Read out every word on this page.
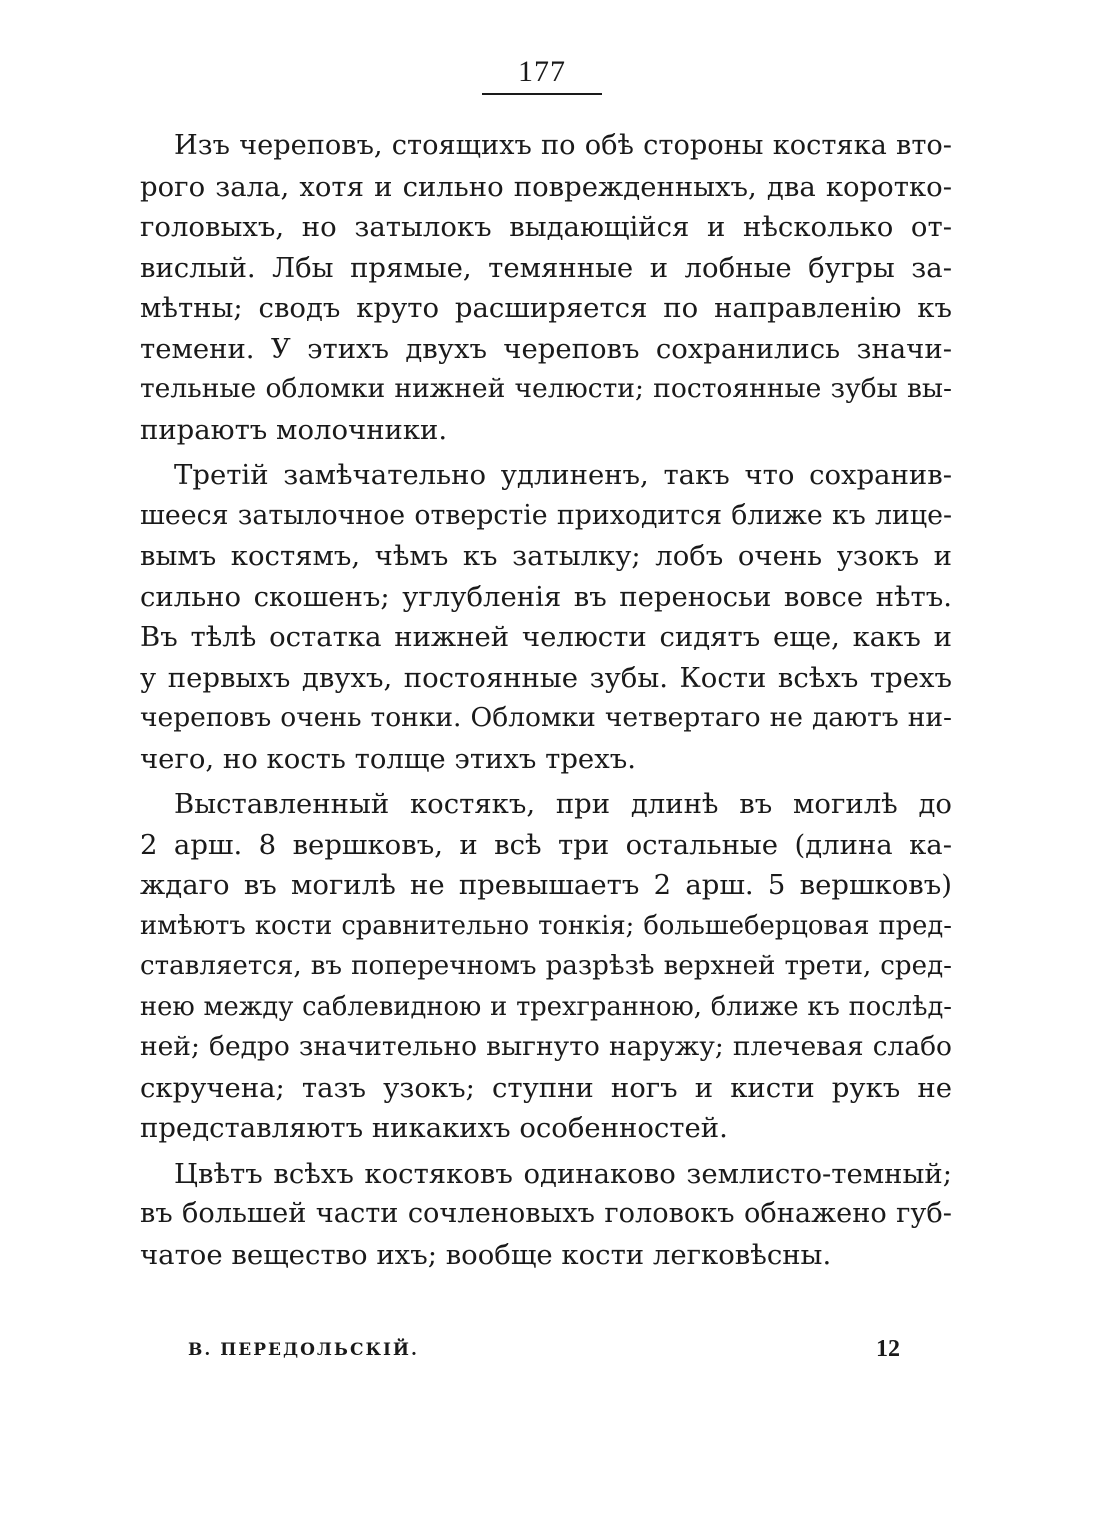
177
Изъ череповъ, стоящихъ по обѣ стороны костяка вто-
рого зала, хотя и сильно поврежденныхъ, два коротко-
головыхъ, но затылокъ выдающійся и нѣсколько от-
вислый. Лбы прямые, темянные и лобные бугры за-
мѣтны; сводъ круто расширяется по направленію къ
темени. У этихъ двухъ череповъ сохранились значи-
тельные обломки нижней челюсти; постоянные зубы вы-
пираютъ молочники.
Третій замѣчательно удлиненъ, такъ что сохранив-
шееся затылочное отверстіе приходится ближе къ лице-
вымъ костямъ, чѣмъ къ затылку; лобъ очень узокъ и
сильно скошенъ; углубленія въ переносьи вовсе нѣтъ.
Въ тѣлѣ остатка нижней челюсти сидятъ еще, какъ и
у первыхъ двухъ, постоянные зубы. Кости всѣхъ трехъ
череповъ очень тонки. Обломки четвертаго не даютъ ни-
чего, но кость толще этихъ трехъ.
Выставленный костякъ, при длинѣ въ могилѣ до
2 арш. 8 вершковъ, и всѣ три остальные (длина ка-
ждаго въ могилѣ не превышаетъ 2 арш. 5 вершковъ)
имѣютъ кости сравнительно тонкія; большеберцовая пред-
ставляется, въ поперечномъ разрѣзѣ верхней трети, сред-
нею между саблевидною и трехгранною, ближе къ послѣд-
ней; бедро значительно выгнуто наружу; плечевая слабо
скручена; тазъ узокъ; ступни ногъ и кисти рукъ не
представляютъ никакихъ особенностей.
Цвѣтъ всѣхъ костяковъ одинаково землисто-темный;
въ большей части сочленовыхъ головокъ обнажено губ-
чатое вещество ихъ; вообще кости легковѣсны.
В. ПЕРЕДОЛЬСКІЙ.	12
